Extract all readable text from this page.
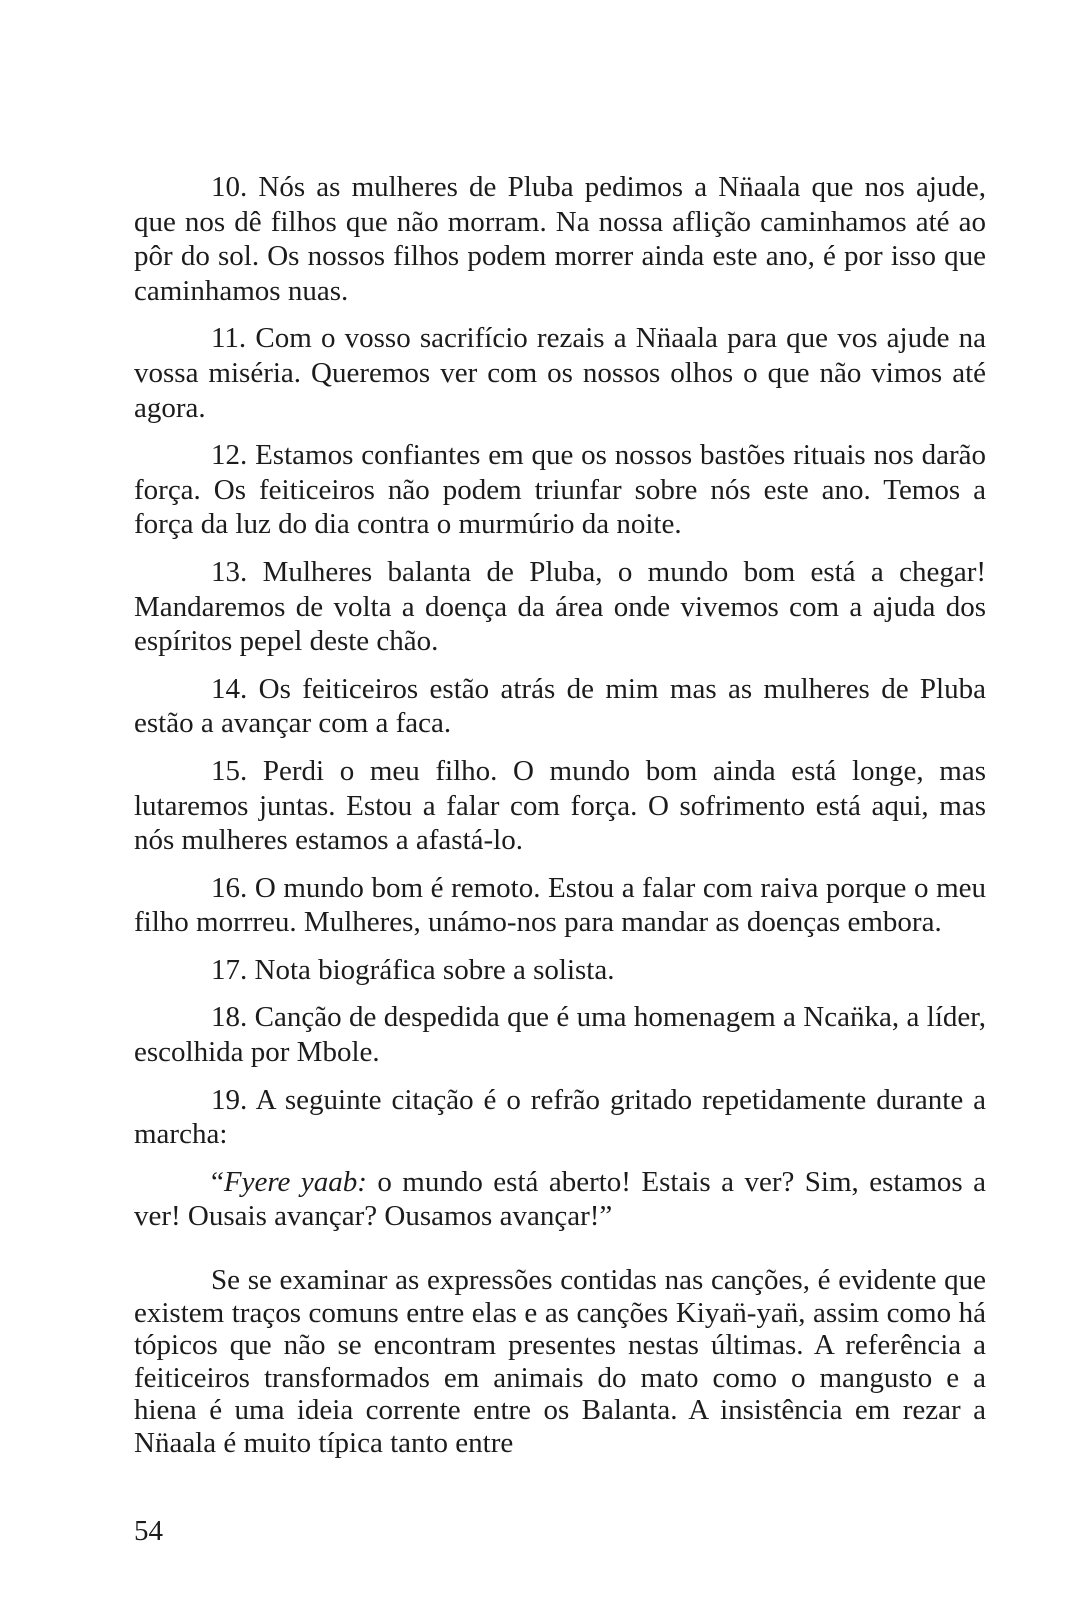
10. Nós as mulheres de Pluba pedimos a Nn̈aala que nos ajude, que nos dê filhos que não morram. Na nossa aflição caminhamos até ao pôr do sol. Os nossos filhos podem morrer ainda este ano, é por isso que caminhamos nuas.

11. Com o vosso sacrifício rezais a Nn̈aala para que vos ajude na vossa miséria. Queremos ver com os nossos olhos o que não vimos até agora.

12. Estamos confiantes em que os nossos bastões rituais nos darão força. Os feiticeiros não podem triunfar sobre nós este ano. Temos a força da luz do dia contra o murmúrio da noite.

13. Mulheres balanta de Pluba, o mundo bom está a chegar! Mandaremos de volta a doença da área onde vivemos com a ajuda dos espíritos pepel deste chão.

14. Os feiticeiros estão atrás de mim mas as mulheres de Pluba estão a avançar com a faca.

15. Perdi o meu filho. O mundo bom ainda está longe, mas lutaremos juntas. Estou a falar com força. O sofrimento está aqui, mas nós mulheres estamos a afastá-lo.

16. O mundo bom é remoto. Estou a falar com raiva porque o meu filho morrreu. Mulheres, unámo-nos para mandar as doenças embora.

17. Nota biográfica sobre a solista.

18. Canção de despedida que é uma homenagem a Ncan̈ka, a líder, escolhida por Mbole.

19. A seguinte citação é o refrão gritado repetidamente durante a marcha:

“Fyere yaab: o mundo está aberto! Estais a ver? Sim, estamos a ver! Ousais avançar? Ousamos avançar!”

Se se examinar as expressões contidas nas canções, é evidente que existem traços comuns entre elas e as canções Kiyan̈-yan̈, assim como há tópicos que não se encontram presentes nestas últimas. A referência a feiticeiros transformados em animais do mato como o mangusto e a hiena é uma ideia corrente entre os Balanta. A insistência em rezar a Nn̈aala é muito típica tanto entre

54
